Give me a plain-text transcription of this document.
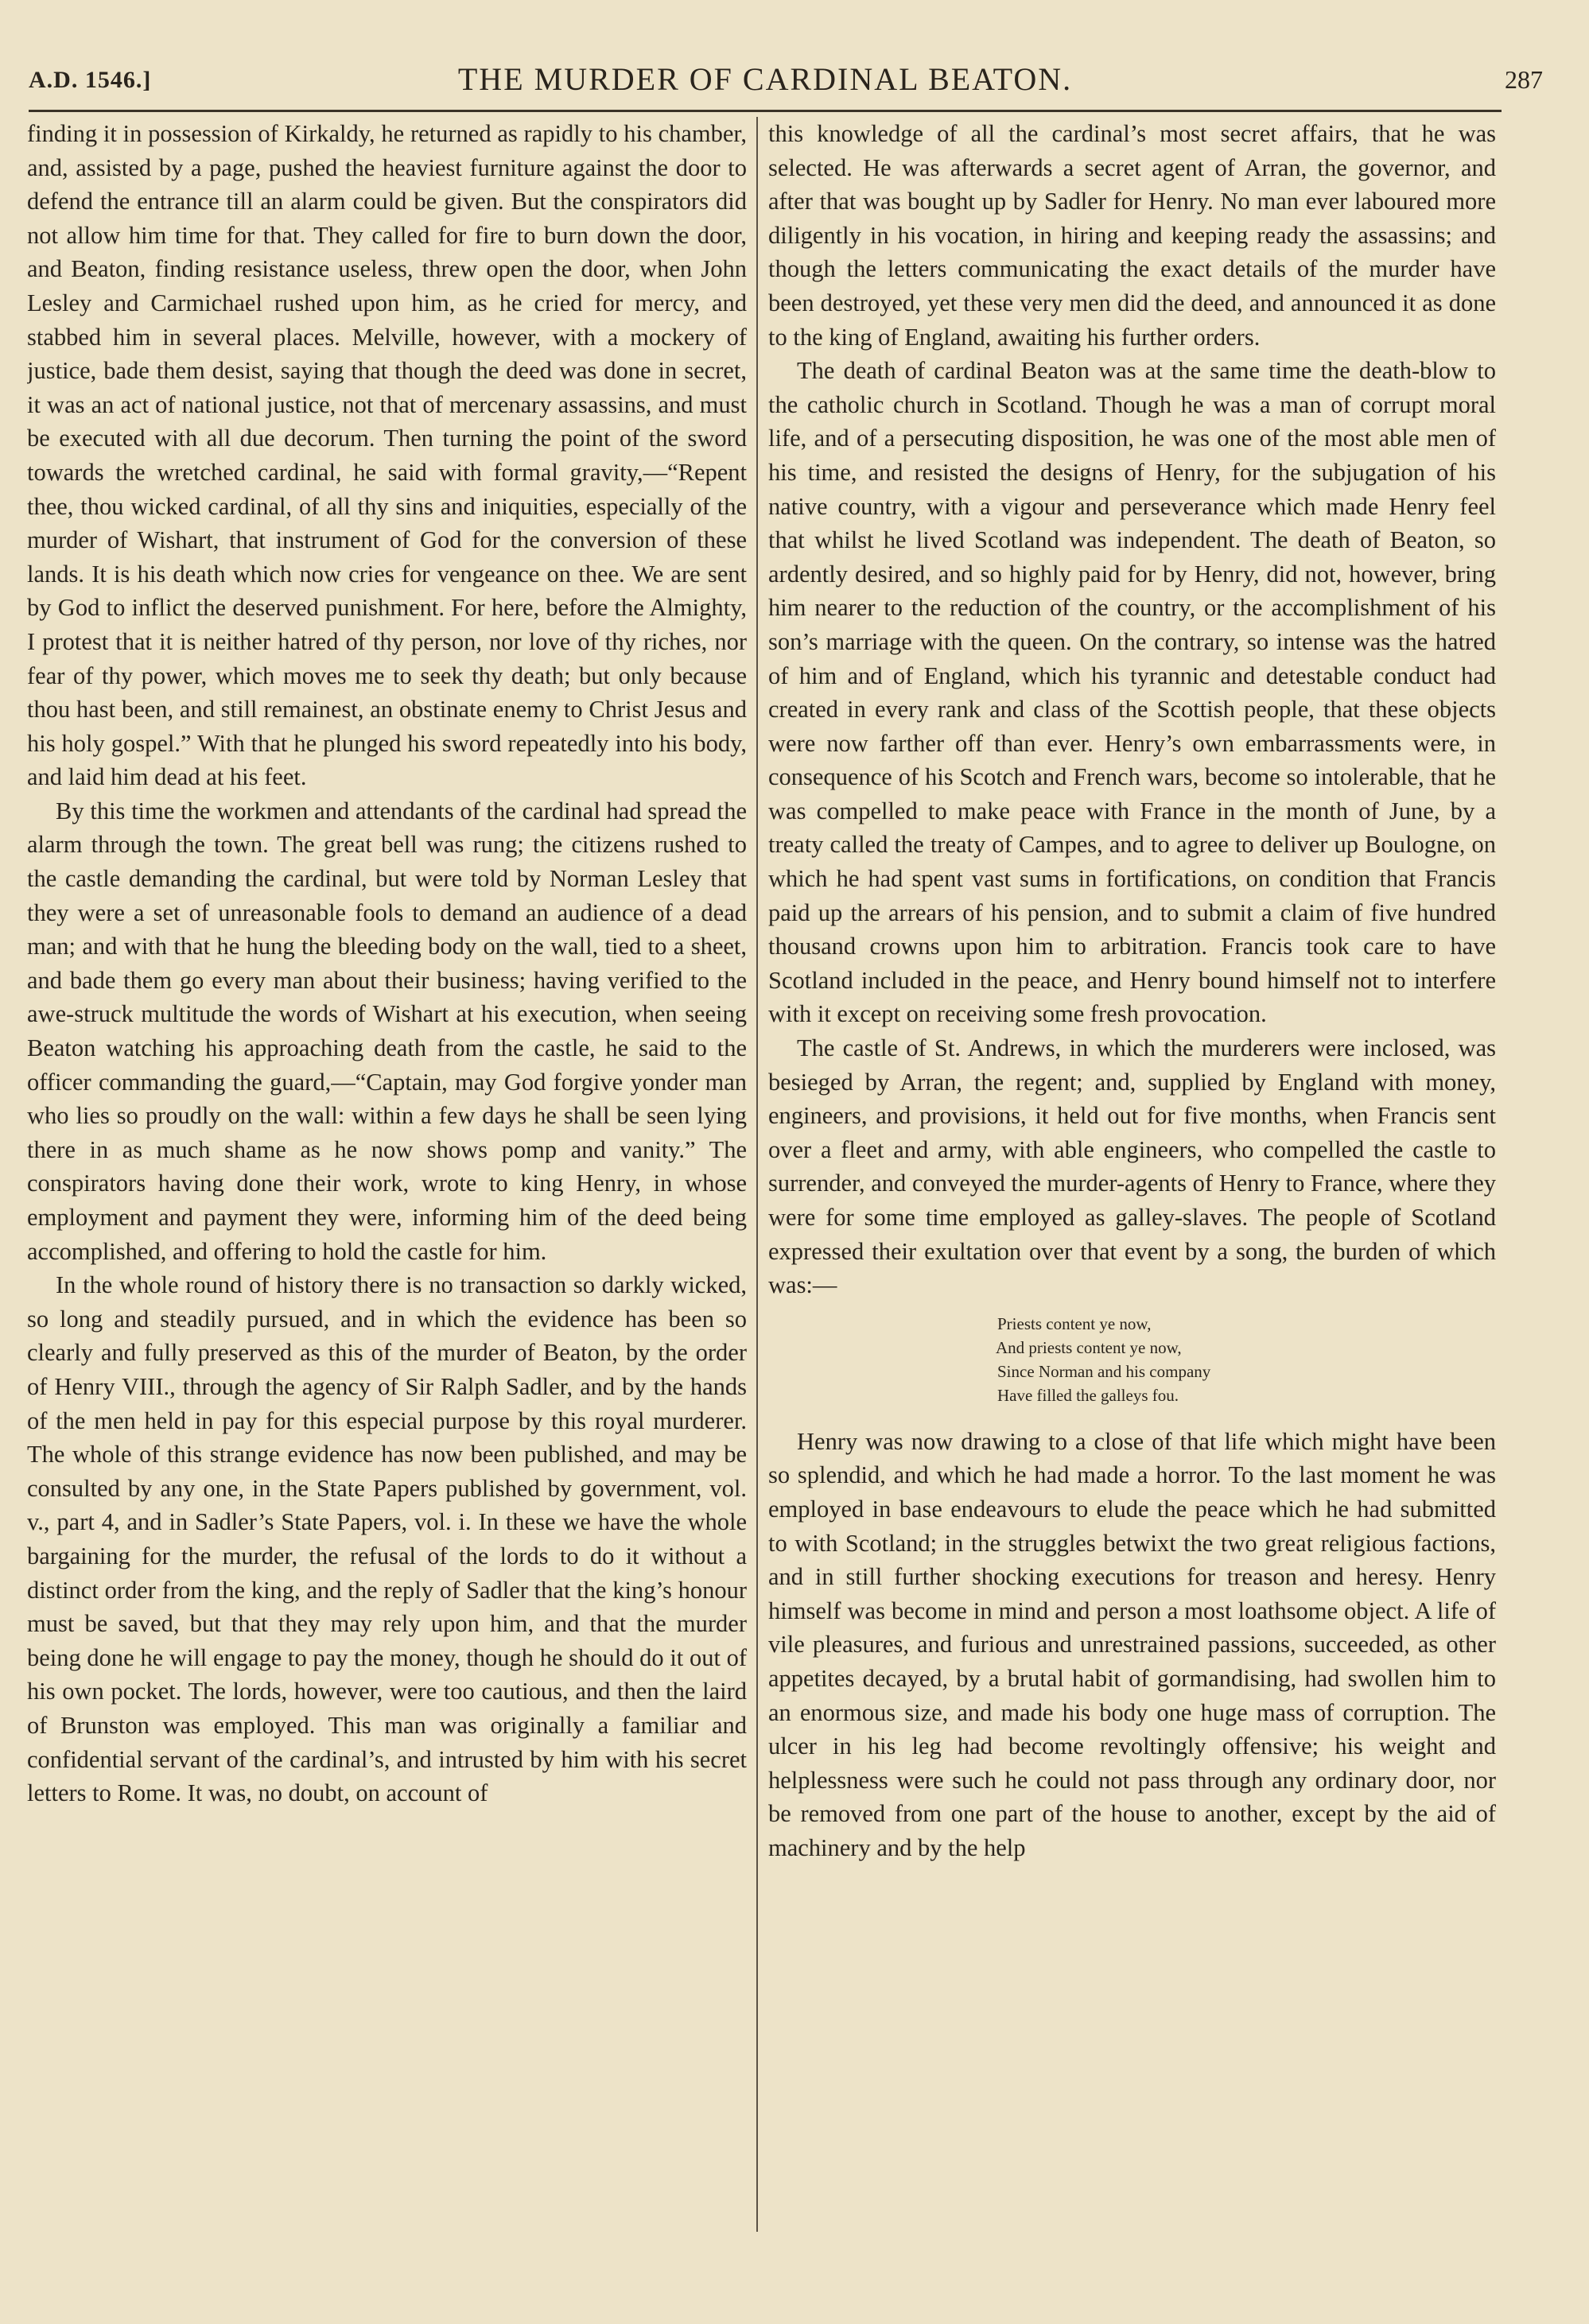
A.D. 1546.]	THE MURDER OF CARDINAL BEATON.	287

finding it in possession of Kirkaldy, he returned as rapidly to his chamber, and, assisted by a page, pushed the heaviest furniture against the door to defend the entrance till an alarm could be given. But the conspirators did not allow him time for that. They called for fire to burn down the door, and Beaton, finding resistance useless, threw open the door, when John Lesley and Carmichael rushed upon him, as he cried for mercy, and stabbed him in several places. Melville, however, with a mockery of justice, bade them desist, saying that though the deed was done in secret, it was an act of national justice, not that of mercenary assassins, and must be executed with all due decorum. Then turning the point of the sword towards the wretched cardinal, he said with formal gravity,—“Repent thee, thou wicked cardinal, of all thy sins and iniquities, especially of the murder of Wishart, that instrument of God for the conversion of these lands. It is his death which now cries for vengeance on thee. We are sent by God to inflict the deserved punishment. For here, before the Almighty, I protest that it is neither hatred of thy person, nor love of thy riches, nor fear of thy power, which moves me to seek thy death; but only because thou hast been, and still remainest, an obstinate enemy to Christ Jesus and his holy gospel.” With that he plunged his sword repeatedly into his body, and laid him dead at his feet.

By this time the workmen and attendants of the cardinal had spread the alarm through the town. The great bell was rung; the citizens rushed to the castle demanding the cardinal, but were told by Norman Lesley that they were a set of unreasonable fools to demand an audience of a dead man; and with that he hung the bleeding body on the wall, tied to a sheet, and bade them go every man about their business; having verified to the awe-struck multitude the words of Wishart at his execution, when seeing Beaton watching his approaching death from the castle, he said to the officer commanding the guard,—“Captain, may God forgive yonder man who lies so proudly on the wall: within a few days he shall be seen lying there in as much shame as he now shows pomp and vanity.” The conspirators having done their work, wrote to king Henry, in whose employment and payment they were, informing him of the deed being accomplished, and offering to hold the castle for him.

In the whole round of history there is no transaction so darkly wicked, so long and steadily pursued, and in which the evidence has been so clearly and fully preserved as this of the murder of Beaton, by the order of Henry VIII., through the agency of Sir Ralph Sadler, and by the hands of the men held in pay for this especial purpose by this royal murderer. The whole of this strange evidence has now been published, and may be consulted by any one, in the State Papers published by government, vol. v., part 4, and in Sadler’s State Papers, vol. i. In these we have the whole bargaining for the murder, the refusal of the lords to do it without a distinct order from the king, and the reply of Sadler that the king’s honour must be saved, but that they may rely upon him, and that the murder being done he will engage to pay the money, though he should do it out of his own pocket. The lords, however, were too cautious, and then the laird of Brunston was employed. This man was originally a familiar and confidential servant of the cardinal’s, and intrusted by him with his secret letters to Rome. It was, no doubt, on account of

this knowledge of all the cardinal’s most secret affairs, that he was selected. He was afterwards a secret agent of Arran, the governor, and after that was bought up by Sadler for Henry. No man ever laboured more diligently in his vocation, in hiring and keeping ready the assassins; and though the letters communicating the exact details of the murder have been destroyed, yet these very men did the deed, and announced it as done to the king of England, awaiting his further orders.

The death of cardinal Beaton was at the same time the death-blow to the catholic church in Scotland. Though he was a man of corrupt moral life, and of a persecuting disposition, he was one of the most able men of his time, and resisted the designs of Henry, for the subjugation of his native country, with a vigour and perseverance which made Henry feel that whilst he lived Scotland was independent. The death of Beaton, so ardently desired, and so highly paid for by Henry, did not, however, bring him nearer to the reduction of the country, or the accomplishment of his son’s marriage with the queen. On the contrary, so intense was the hatred of him and of England, which his tyrannic and detestable conduct had created in every rank and class of the Scottish people, that these objects were now farther off than ever. Henry’s own embarrassments were, in consequence of his Scotch and French wars, become so intolerable, that he was compelled to make peace with France in the month of June, by a treaty called the treaty of Campes, and to agree to deliver up Boulogne, on which he had spent vast sums in fortifications, on condition that Francis paid up the arrears of his pension, and to submit a claim of five hundred thousand crowns upon him to arbitration. Francis took care to have Scotland included in the peace, and Henry bound himself not to interfere with it except on receiving some fresh provocation.

The castle of St. Andrews, in which the murderers were inclosed, was besieged by Arran, the regent; and, supplied by England with money, engineers, and provisions, it held out for five months, when Francis sent over a fleet and army, with able engineers, who compelled the castle to surrender, and conveyed the murder-agents of Henry to France, where they were for some time employed as galley-slaves. The people of Scotland expressed their exultation over that event by a song, the burden of which was:—

Priests content ye now,
And priests content ye now,
Since Norman and his company
Have filled the galleys fou.

Henry was now drawing to a close of that life which might have been so splendid, and which he had made a horror. To the last moment he was employed in base endeavours to elude the peace which he had submitted to with Scotland; in the struggles betwixt the two great religious factions, and in still further shocking executions for treason and heresy. Henry himself was become in mind and person a most loathsome object. A life of vile pleasures, and furious and unrestrained passions, succeeded, as other appetites decayed, by a brutal habit of gormandising, had swollen him to an enormous size, and made his body one huge mass of corruption. The ulcer in his leg had become revoltingly offensive; his weight and helplessness were such he could not pass through any ordinary door, nor be removed from one part of the house to another, except by the aid of machinery and by the help
